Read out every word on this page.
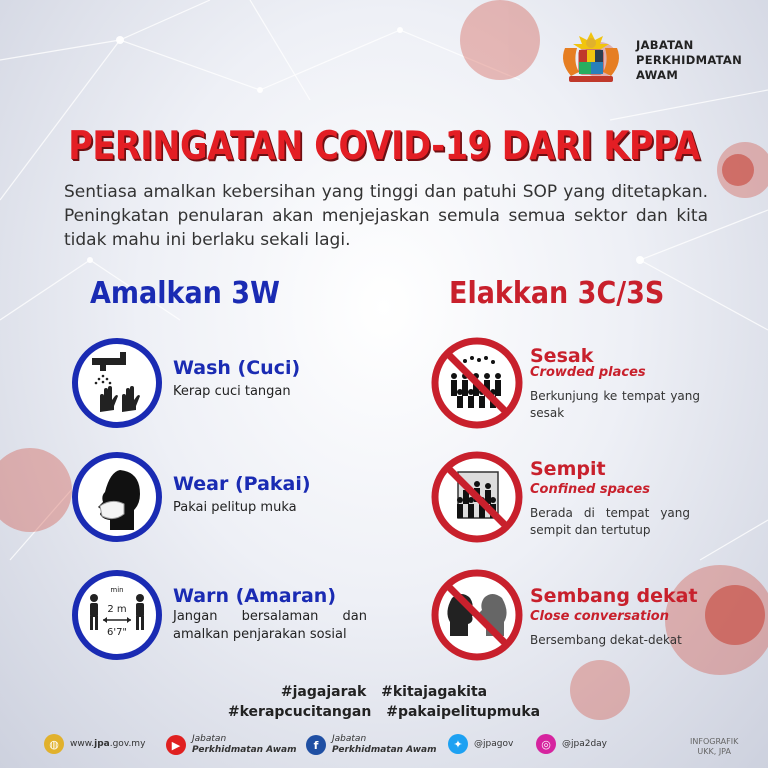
JABATAN
PERKHIDMATAN
AWAM
PERINGATAN COVID-19 DARI KPPA
Sentiasa amalkan kebersihan yang tinggi dan patuhi SOP yang ditetapkan. Peningkatan penularan akan menjejaskan semula semua sektor dan kita tidak mahu ini berlaku sekali lagi.
Amalkan 3W	Elakkan 3C/3S
Wash (Cuci)
Kerap cuci tangan
Wear (Pakai)
Pakai pelitup muka
min
2 m
6'7"
Warn (Amaran)
Jangan bersalaman dan amalkan penjarakan sosial
Sesak
Crowded places
Berkunjung ke tempat yang sesak
Sempit
Confined spaces
Berada di tempat yang sempit dan tertutup
Sembang dekat
Close conversation
Bersembang dekat-dekat
#jagajarak #kitajagakita
#kerapcucitangan #pakaipelitupmuka
◍	www.jpa.gov.my	▶	Jabatan
Perkhidmatan Awam	f	Jabatan
Perkhidmatan Awam	✦	@jpagov	◎	@jpa2day	INFOGRAFIK
UKK, JPA
